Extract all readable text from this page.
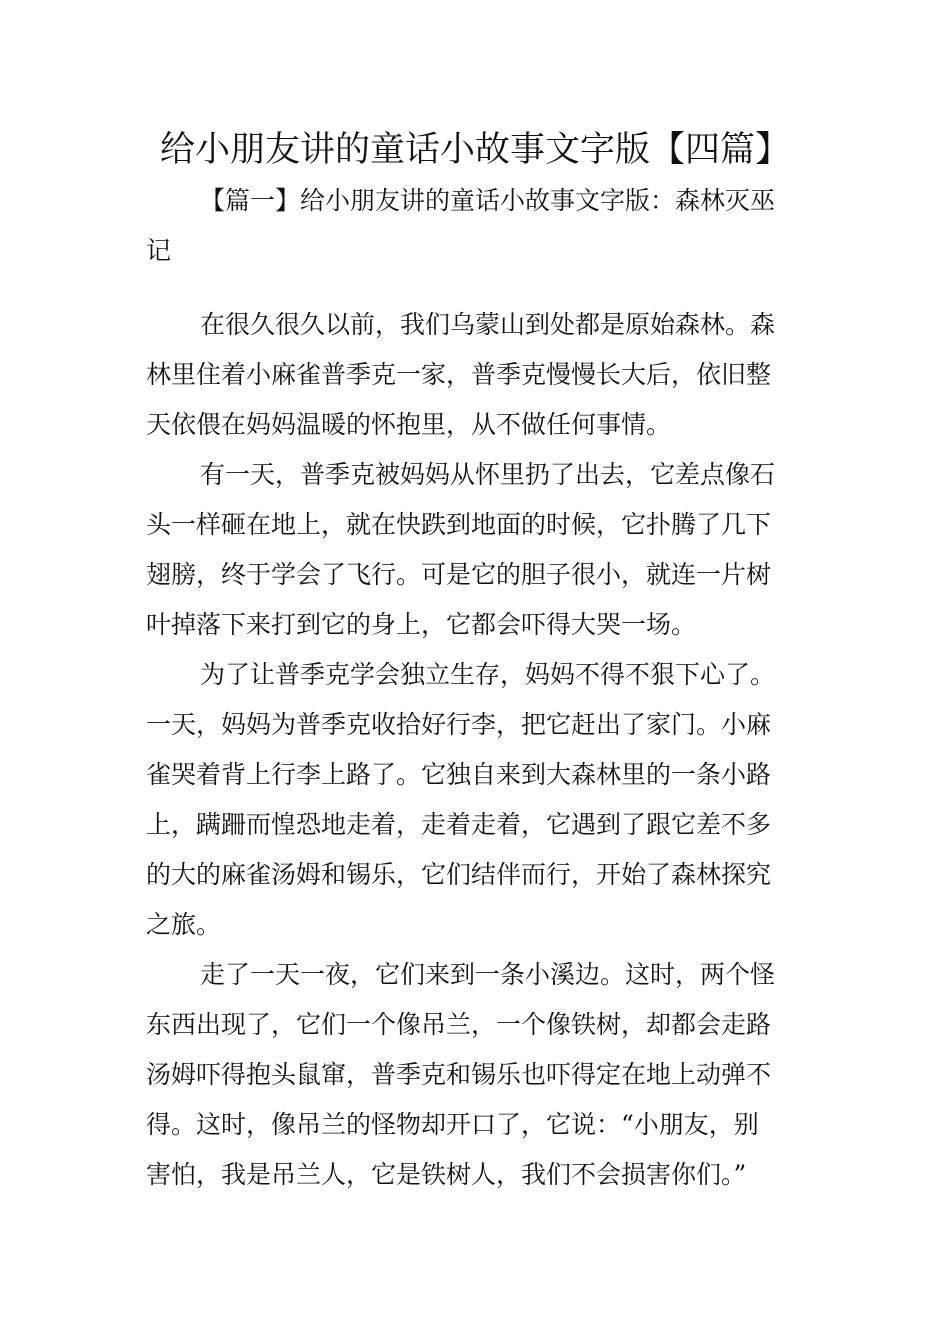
给小朋友讲的童话小故事文字版【四篇】
【篇一】给小朋友讲的童话小故事文字版：森林灭巫
记

在很久很久以前，我们乌蒙山到处都是原始森林。森
林里住着小麻雀普季克一家，普季克慢慢长大后，依旧整
天依偎在妈妈温暖的怀抱里，从不做任何事情。

有一天，普季克被妈妈从怀里扔了出去，它差点像石
头一样砸在地上，就在快跌到地面的时候，它扑腾了几下
翅膀，终于学会了飞行。可是它的胆子很小，就连一片树
叶掉落下来打到它的身上，它都会吓得大哭一场。

为了让普季克学会独立生存，妈妈不得不狠下心了。
一天，妈妈为普季克收拾好行李，把它赶出了家门。小麻
雀哭着背上行李上路了。它独自来到大森林里的一条小路
上，蹒跚而惶恐地走着，走着走着，它遇到了跟它差不多
的大的麻雀汤姆和锡乐，它们结伴而行，开始了森林探究
之旅。

走了一天一夜，它们来到一条小溪边。这时，两个怪
东西出现了，它们一个像吊兰，一个像铁树，却都会走路
汤姆吓得抱头鼠窜，普季克和锡乐也吓得定在地上动弹不
得。这时，像吊兰的怪物却开口了，它说：“小朋友，别
害怕，我是吊兰人，它是铁树人，我们不会损害你们。”
